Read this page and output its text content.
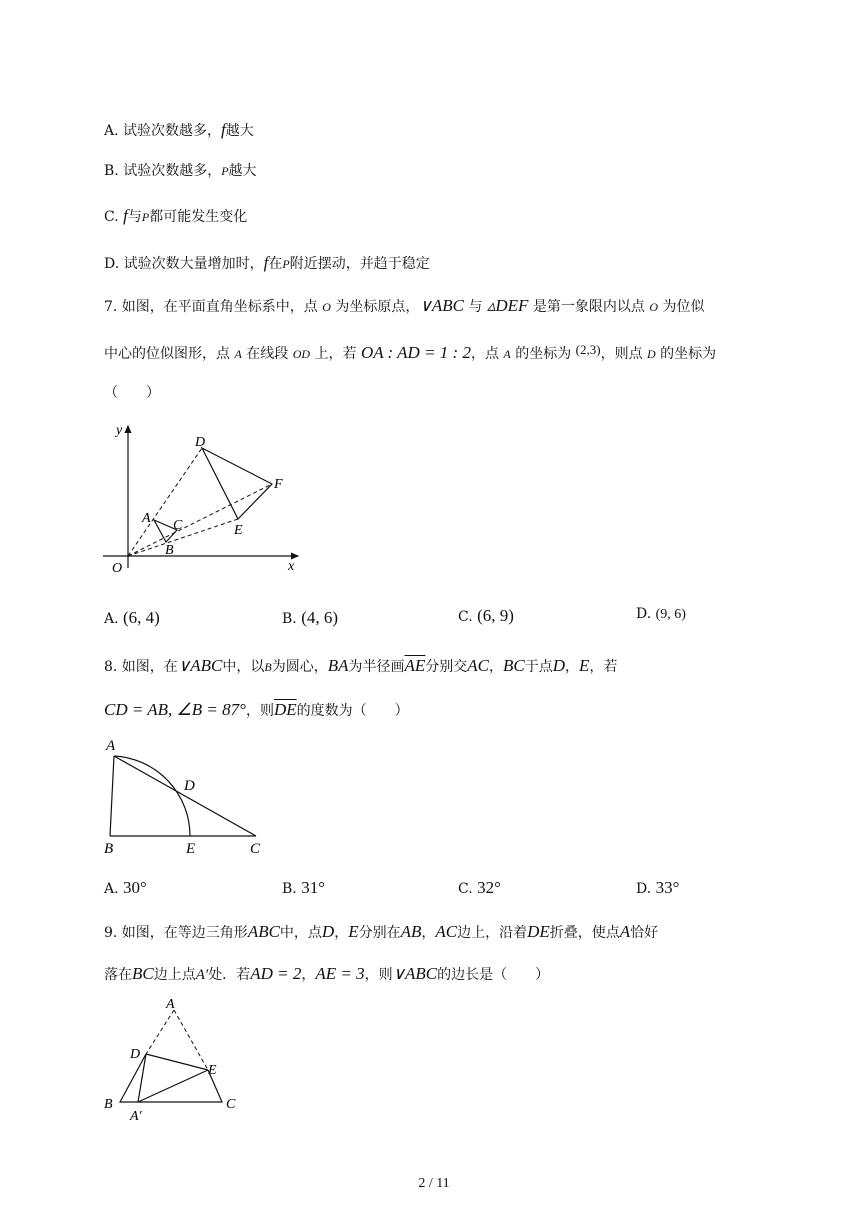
A. 试验次数越多，f越大
B. 试验次数越多，P越大
C. f与P都可能发生变化
D. 试验次数大量增加时，f在P附近摆动，并趋于稳定
7. 如图，在平面直角坐标系中，点 O 为坐标原点，∨ABC 与 ▵DEF 是第一象限内以点 O 为位似
中心的位似图形，点 A 在线段 OD 上，若 OA : AD = 1 : 2，点 A 的坐标为 (2,3)，则点 D 的坐标为
（　　）
y
x
O
A
B
C
D
E
F
A. (6, 4)	B. (4, 6)	C. (6, 9)	D. (9, 6)
8. 如图，在∨ABC中，以B为圆心，BA为半径画$\overline{AE}$分别交AC，BC于点D，E，若
CD = AB, ∠B = 87°，则$\overline{DE}$的度数为（　　）
A
B	C
D
E
A. 30°	B. 31°	C. 32°	D. 33°
9. 如图，在等边三角形ABC中，点D，E分别在AB，AC边上，沿着DE折叠，使点A恰好
落在BC边上点A′处．若AD = 2，AE = 3，则∨ABC的边长是（　　）
A
D
E
B	C
A′
2 / 11
